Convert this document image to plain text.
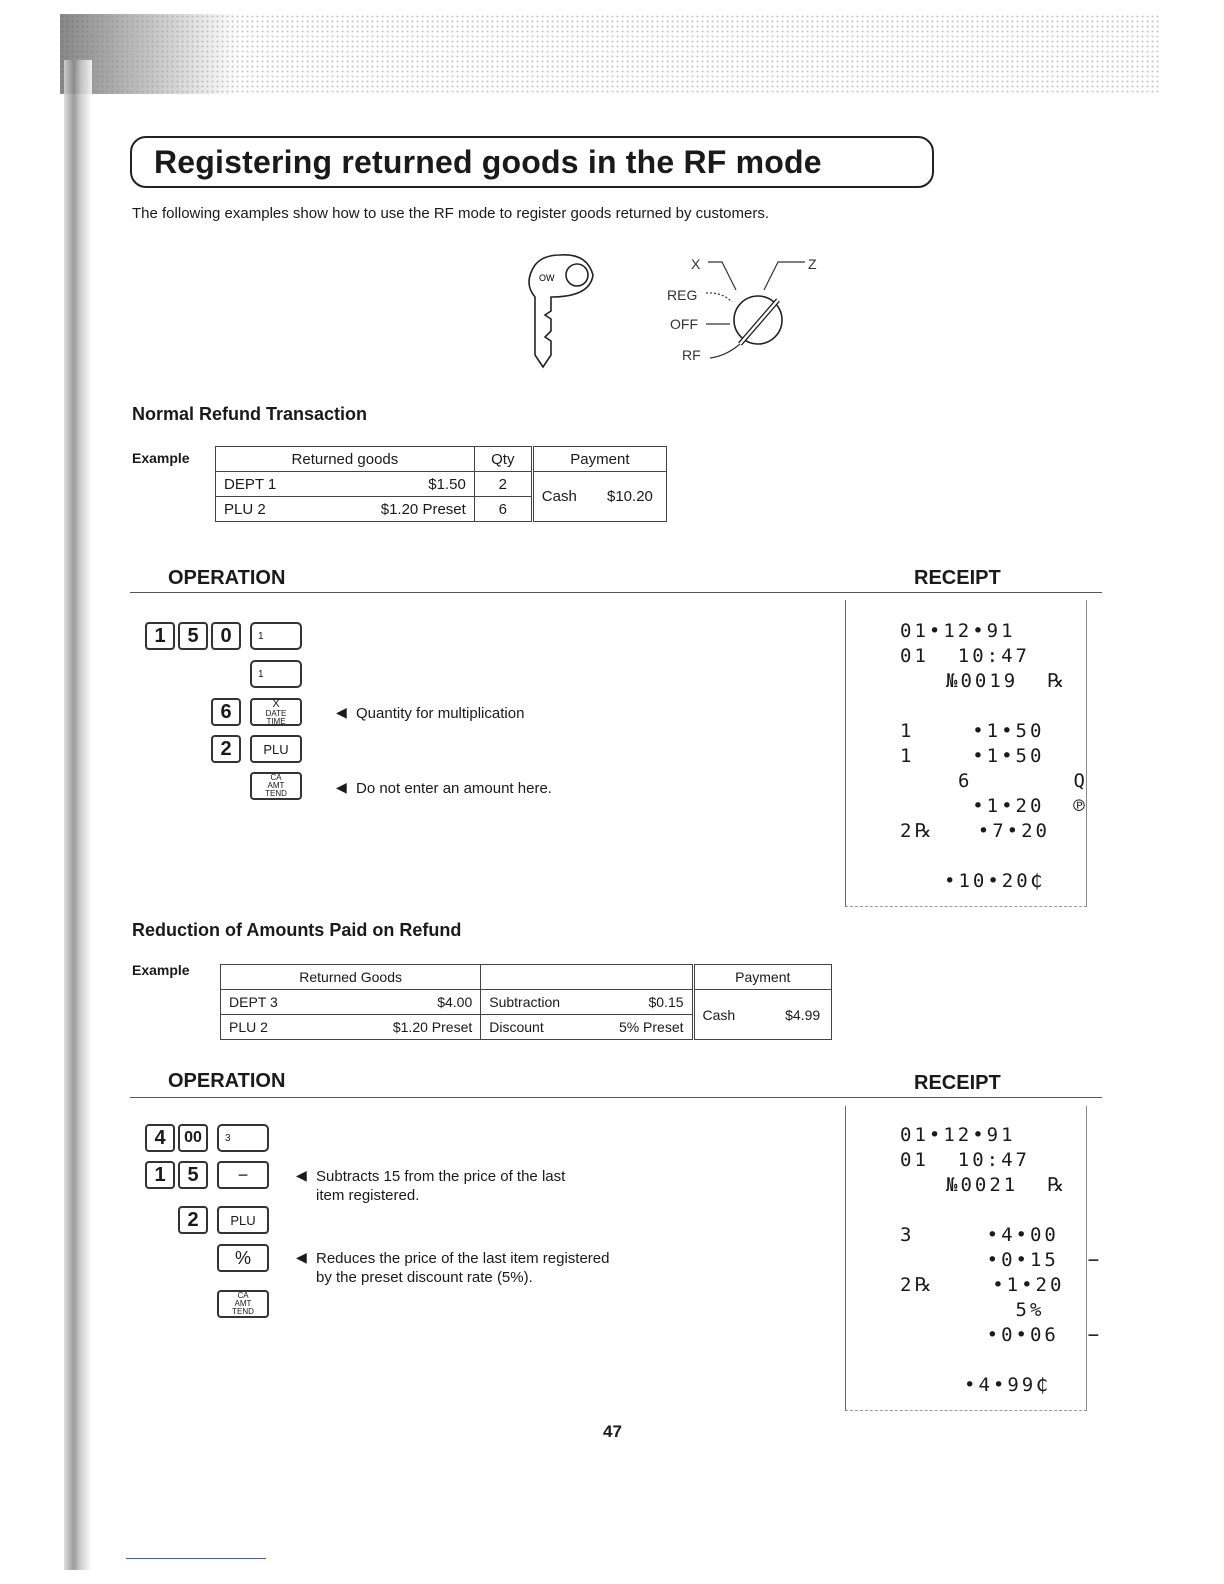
Registering returned goods in the RF mode
The following examples show how to use the RF mode to register goods returned by customers.
OW
X	Z
REG
OFF
RF
Normal Refund Transaction
Example	Returned goods		Qty	Payment
DEPT 1	$1.50	2	Cash $10.20
PLU 2	$1.20 Preset	6	
OPERATION	RECEIPT
1	5	0	1
1
6	X
DATE
TIME
2	PLU
CA
AMT
TEND
◀ Quantity for multiplication
◀ Do not enter an amount here.
01•12•91
01  10:47
№0019  ℞
1    •1•50
1    •1•50
6       Q
•1•20  ℗
2℞   •7•20
•10•20₵
Reduction of Amounts Paid on Refund
Example	Returned Goods				Payment
DEPT 3	$4.00	Subtraction	$0.15	Cash $4.99
PLU 2	$1.20 Preset	Discount	5% Preset	
OPERATION	RECEIPT
4	00	3
1	5	−
2	PLU
%
CA
AMT
TEND
◀ Subtracts 15 from the price of the last
item registered.
◀ Reduces the price of the last item registered
by the preset discount rate (5%).
01•12•91
01  10:47
№0021  ℞
3     •4•00
•0•15  −
2℞    •1•20
5%
•0•06  −
•4•99₵
47
